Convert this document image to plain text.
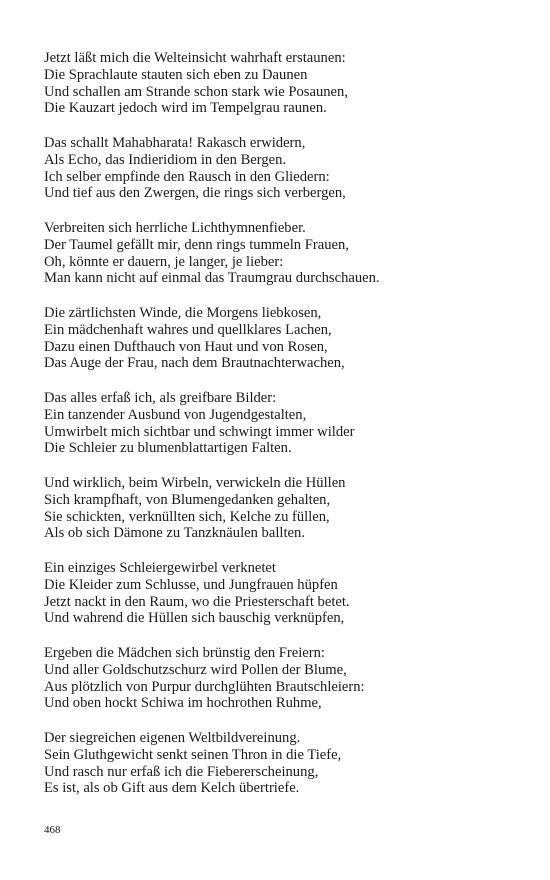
Jetzt läßt mich die Welteinsicht wahrhaft erstaunen:
Die Sprachlaute stauten sich eben zu Daunen
Und schallen am Strande schon stark wie Posaunen,
Die Kauzart jedoch wird im Tempelgrau raunen.
Das schallt Mahabharata! Rakasch erwidern,
Als Echo, das Indieridiom in den Bergen.
Ich selber empfinde den Rausch in den Gliedern:
Und tief aus den Zwergen, die rings sich verbergen,
Verbreiten sich herrliche Lichthymnenfieber.
Der Taumel gefällt mir, denn rings tummeln Frauen,
Oh, könnte er dauern, je langer, je lieber:
Man kann nicht auf einmal das Traumgrau durchschauen.
Die zärtlichsten Winde, die Morgens liebkosen,
Ein mädchenhaft wahres und quellklares Lachen,
Dazu einen Dufthauch von Haut und von Rosen,
Das Auge der Frau, nach dem Brautnachterwachen,
Das alles erfaß ich, als greifbare Bilder:
Ein tanzender Ausbund von Jugendgestalten,
Umwirbelt mich sichtbar und schwingt immer wilder
Die Schleier zu blumenblattartigen Falten.
Und wirklich, beim Wirbeln, verwickeln die Hüllen
Sich krampfhaft, von Blumengedanken gehalten,
Sie schickten, verknüllten sich, Kelche zu füllen,
Als ob sich Dämone zu Tanzknäulen ballten.
Ein einziges Schleiergewirbel verknetet
Die Kleider zum Schlusse, und Jungfrauen hüpfen
Jetzt nackt in den Raum, wo die Priesterschaft betet.
Und wahrend die Hüllen sich bauschig verknüpfen,
Ergeben die Mädchen sich brünstig den Freiern:
Und aller Goldschutzschurz wird Pollen der Blume,
Aus plötzlich von Purpur durchglühten Brautschleiern:
Und oben hockt Schiwa im hochrothen Ruhme,
Der siegreichen eigenen Weltbildvereinung.
Sein Gluthgewicht senkt seinen Thron in die Tiefe,
Und rasch nur erfaß ich die Fiebererscheinung,
Es ist, als ob Gift aus dem Kelch übertriefe.
468
